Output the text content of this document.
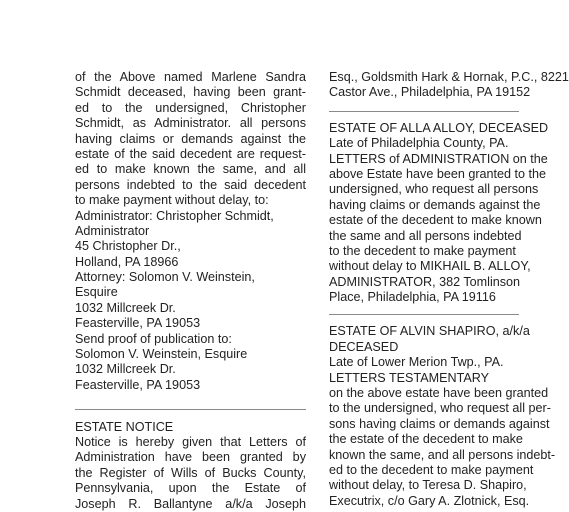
of the Above named Marlene Sandra
Schmidt deceased, having been grant-
ed to the undersigned, Christopher
Schmidt, as Administrator. all persons
having claims or demands against the
estate of the said decedent are request-
ed to make known the same, and all
persons indebted to the said decedent
to make payment without delay, to:
Administrator: Christopher Schmidt,
Administrator
45 Christopher Dr.,
Holland, PA 18966
Attorney: Solomon V. Weinstein,
Esquire
1032 Millcreek Dr.
Feasterville, PA 19053
Send proof of publication to:
Solomon V. Weinstein, Esquire
1032 Millcreek Dr.
Feasterville, PA 19053
ESTATE NOTICE
Notice is hereby given that Letters of
Administration have been granted by
the Register of Wills of Bucks County,
Pennsylvania, upon the Estate of
Joseph R. Ballantyne a/k/a Joseph
Esq., Goldsmith Hark & Hornak, P.C., 8221
Castor Ave., Philadelphia, PA 19152
ESTATE OF ALLA ALLOY, DECEASED
Late of Philadelphia County, PA.
LETTERS of ADMINISTRATION on the
above Estate have been granted to the
undersigned, who request all persons
having claims or demands against the
estate of the decedent to make known
the same and all persons indebted
to the decedent to make payment
without delay to MIKHAIL B. ALLOY,
ADMINISTRATOR, 382 Tomlinson
Place, Philadelphia, PA 19116
ESTATE OF ALVIN SHAPIRO, a/k/a
DECEASED
Late of Lower Merion Twp., PA.
LETTERS TESTAMENTARY
on the above estate have been granted
to the undersigned, who request all per-
sons having claims or demands against
the estate of the decedent to make
known the same, and all persons indebt-
ed to the decedent to make payment
without delay, to Teresa D. Shapiro,
Executrix, c/o Gary A. Zlotnick, Esq.
